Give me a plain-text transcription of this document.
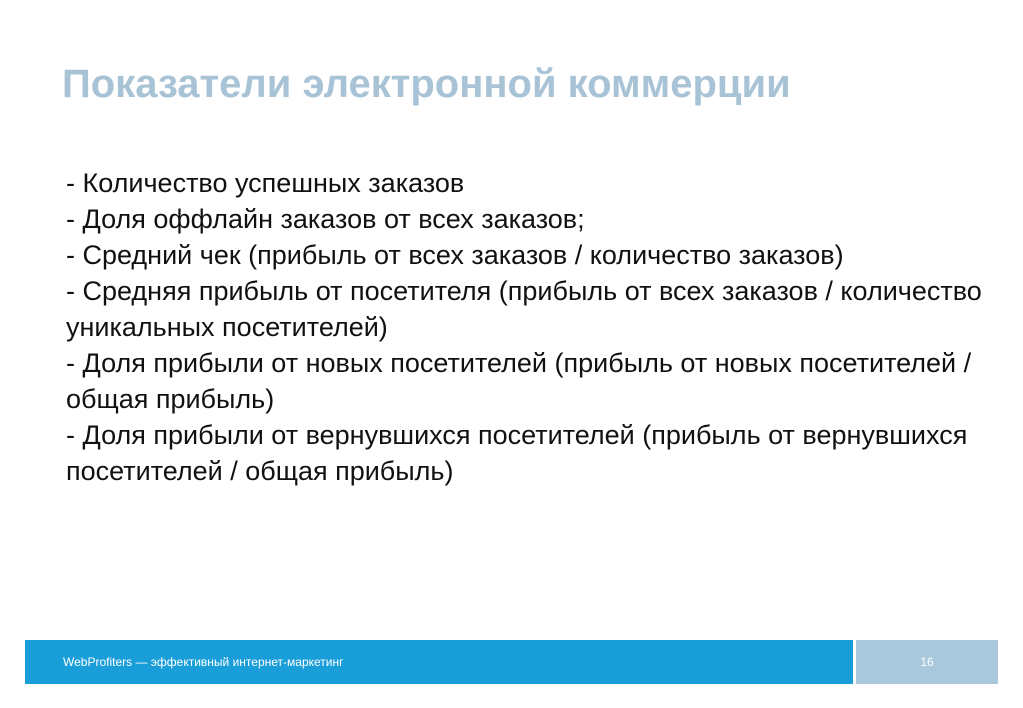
Показатели электронной коммерции
- Количество успешных заказов
- Доля оффлайн заказов от всех заказов;
- Средний чек (прибыль от всех заказов / количество заказов)
- Средняя прибыль от посетителя (прибыль от всех заказов / количество уникальных посетителей)
- Доля прибыли от новых посетителей (прибыль от новых посетителей / общая прибыль)
- Доля прибыли от вернувшихся посетителей (прибыль от вернувшихся посетителей / общая прибыль)
WebProfiters — эффективный интернет-маркетинг	16
